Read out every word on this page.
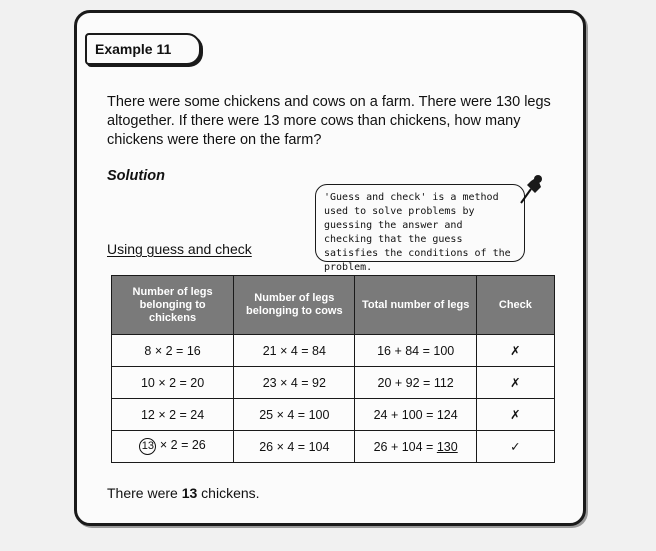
Example 11
There were some chickens and cows on a farm. There were 130 legs altogether. If there were 13 more cows than chickens, how many chickens were there on the farm?
Solution
'Guess and check' is a method used to solve problems by guessing the answer and checking that the guess satisfies the conditions of the problem.
Using guess and check
Number of legs belonging to chickens	Number of legs belonging to cows	Total number of legs	Check
8 × 2 = 16	21 × 4 = 84	16 + 84 = 100	✗
10 × 2 = 20	23 × 4 = 92	20 + 92 = 112	✗
12 × 2 = 24	25 × 4 = 100	24 + 100 = 124	✗
13 × 2 = 26	26 × 4 = 104	26 + 104 = 130	✓
There were 13 chickens.
